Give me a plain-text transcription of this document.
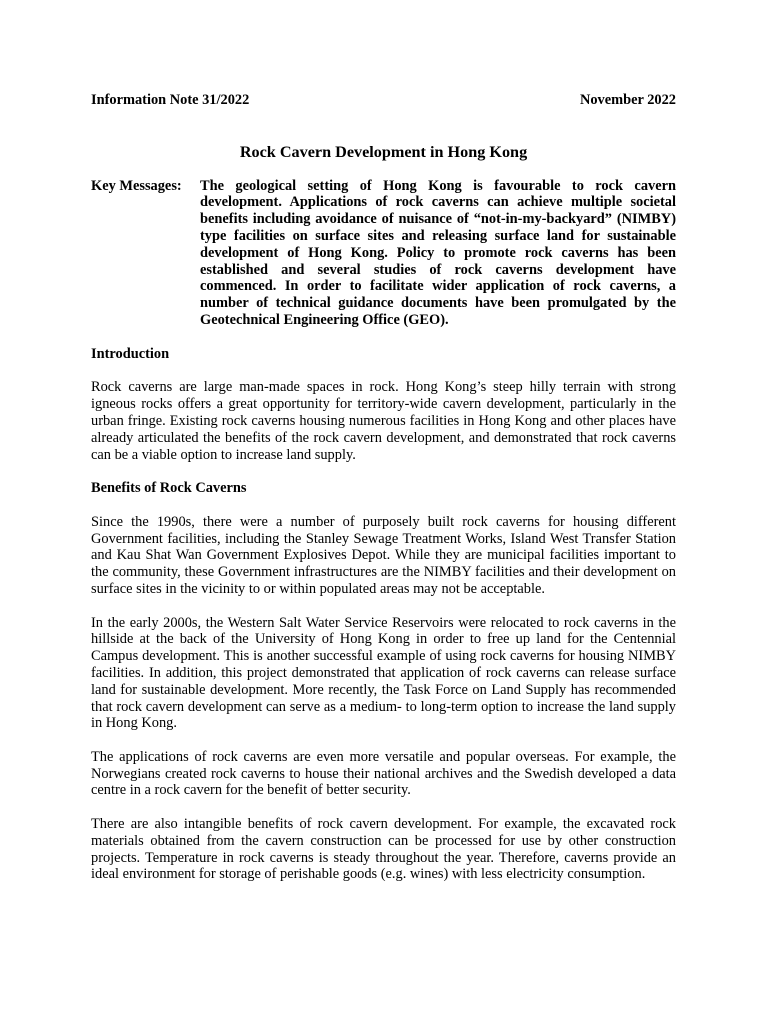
Information Note 31/2022	November 2022
Rock Cavern Development in Hong Kong
Key Messages:	The geological setting of Hong Kong is favourable to rock cavern development. Applications of rock caverns can achieve multiple societal benefits including avoidance of nuisance of “not-in-my-backyard” (NIMBY) type facilities on surface sites and releasing surface land for sustainable development of Hong Kong. Policy to promote rock caverns has been established and several studies of rock caverns development have commenced. In order to facilitate wider application of rock caverns, a number of technical guidance documents have been promulgated by the Geotechnical Engineering Office (GEO).
Introduction
Rock caverns are large man-made spaces in rock. Hong Kong’s steep hilly terrain with strong igneous rocks offers a great opportunity for territory-wide cavern development, particularly in the urban fringe. Existing rock caverns housing numerous facilities in Hong Kong and other places have already articulated the benefits of the rock cavern development, and demonstrated that rock caverns can be a viable option to increase land supply.
Benefits of Rock Caverns
Since the 1990s, there were a number of purposely built rock caverns for housing different Government facilities, including the Stanley Sewage Treatment Works, Island West Transfer Station and Kau Shat Wan Government Explosives Depot. While they are municipal facilities important to the community, these Government infrastructures are the NIMBY facilities and their development on surface sites in the vicinity to or within populated areas may not be acceptable.
In the early 2000s, the Western Salt Water Service Reservoirs were relocated to rock caverns in the hillside at the back of the University of Hong Kong in order to free up land for the Centennial Campus development. This is another successful example of using rock caverns for housing NIMBY facilities. In addition, this project demonstrated that application of rock caverns can release surface land for sustainable development. More recently, the Task Force on Land Supply has recommended that rock cavern development can serve as a medium- to long-term option to increase the land supply in Hong Kong.
The applications of rock caverns are even more versatile and popular overseas. For example, the Norwegians created rock caverns to house their national archives and the Swedish developed a data centre in a rock cavern for the benefit of better security.
There are also intangible benefits of rock cavern development. For example, the excavated rock materials obtained from the cavern construction can be processed for use by other construction projects. Temperature in rock caverns is steady throughout the year. Therefore, caverns provide an ideal environment for storage of perishable goods (e.g. wines) with less electricity consumption.
